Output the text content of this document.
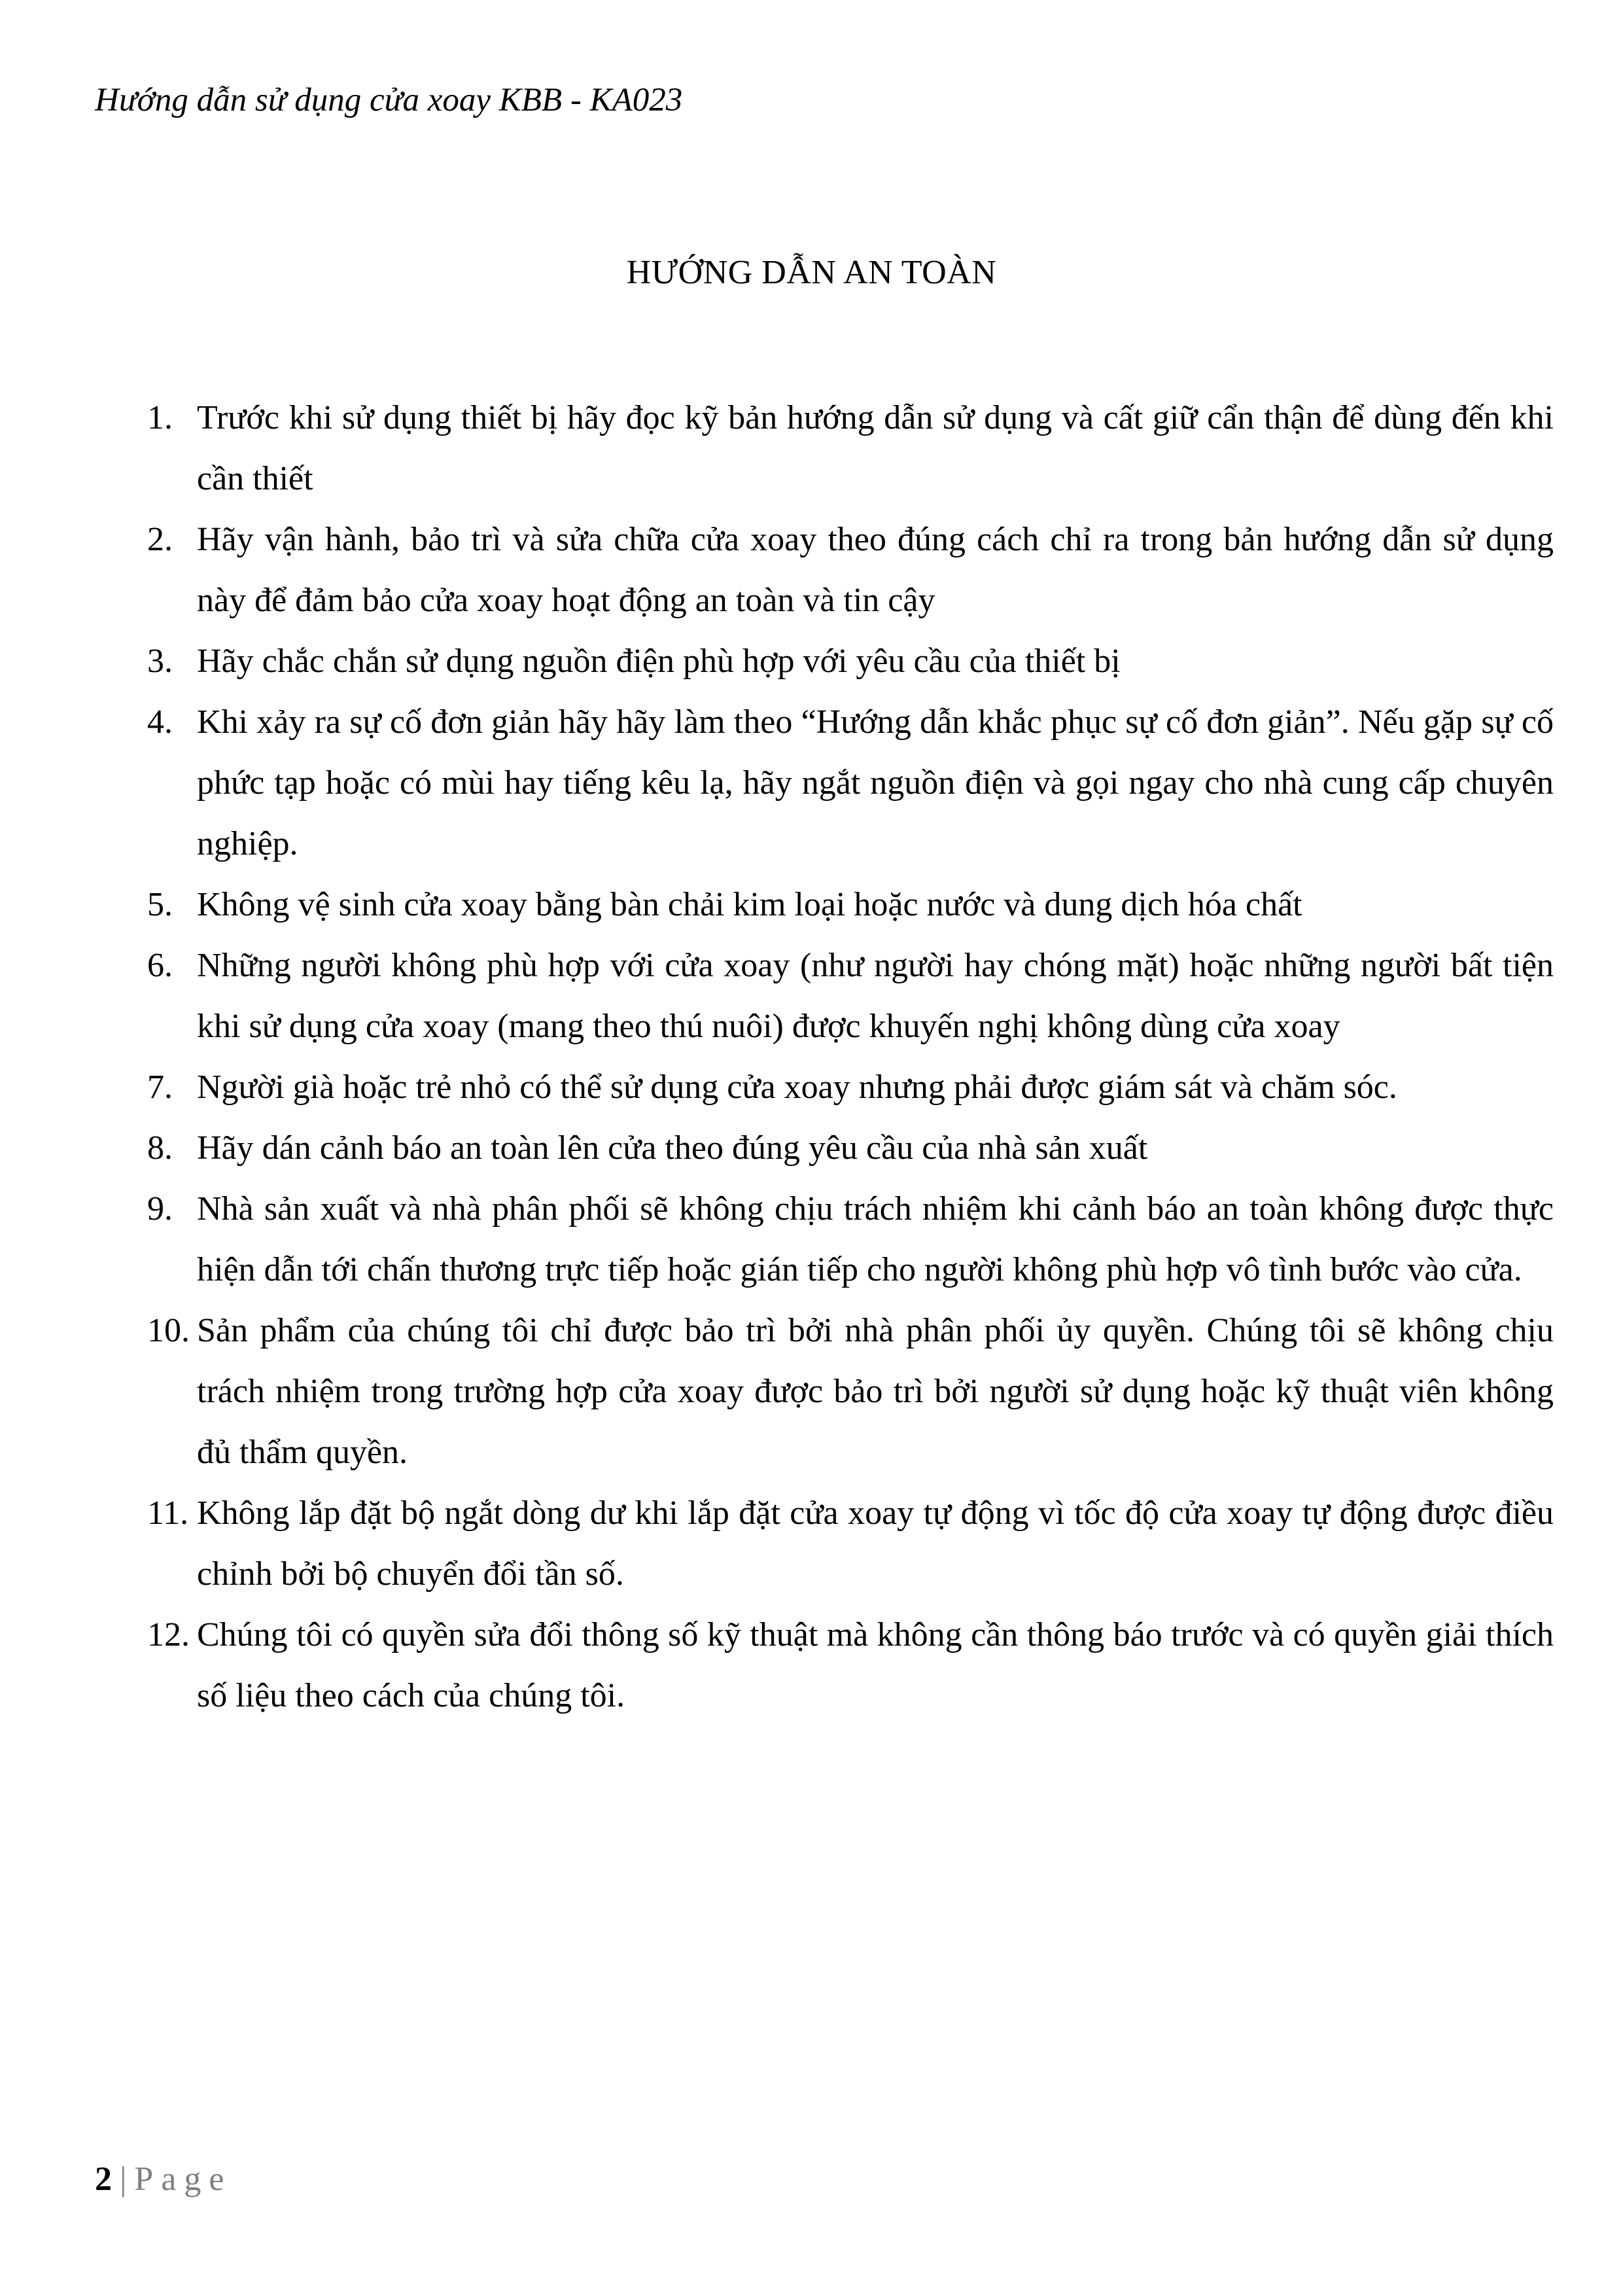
Hướng dẫn sử dụng cửa xoay KBB - KA023
HƯỚNG DẪN AN TOÀN
1. Trước khi sử dụng thiết bị hãy đọc kỹ bản hướng dẫn sử dụng và cất giữ cẩn thận để dùng đến khi cần thiết
2. Hãy vận hành, bảo trì và sửa chữa cửa xoay theo đúng cách chỉ ra trong bản hướng dẫn sử dụng này để đảm bảo cửa xoay hoạt động an toàn và tin cậy
3. Hãy chắc chắn sử dụng nguồn điện phù hợp với yêu cầu của thiết bị
4. Khi xảy ra sự cố đơn giản hãy hãy làm theo “Hướng dẫn khắc phục sự cố đơn giản”. Nếu gặp sự cố phức tạp hoặc có mùi hay tiếng kêu lạ, hãy ngắt nguồn điện và gọi ngay cho nhà cung cấp chuyên nghiệp.
5. Không vệ sinh cửa xoay bằng bàn chải kim loại hoặc nước và dung dịch hóa chất
6. Những người không phù hợp với cửa xoay (như người hay chóng mặt) hoặc những người bất tiện khi sử dụng cửa xoay (mang theo thú nuôi) được khuyến nghị không dùng cửa xoay
7. Người già hoặc trẻ nhỏ có thể sử dụng cửa xoay nhưng phải được giám sát và chăm sóc.
8. Hãy dán cảnh báo an toàn lên cửa theo đúng yêu cầu của nhà sản xuất
9. Nhà sản xuất và nhà phân phối sẽ không chịu trách nhiệm khi cảnh báo an toàn không được thực hiện dẫn tới chấn thương trực tiếp hoặc gián tiếp cho người không phù hợp vô tình bước vào cửa.
10. Sản phẩm của chúng tôi chỉ được bảo trì bởi nhà phân phối ủy quyền. Chúng tôi sẽ không chịu trách nhiệm trong trường hợp cửa xoay được bảo trì bởi người sử dụng hoặc kỹ thuật viên không đủ thẩm quyền.
11. Không lắp đặt bộ ngắt dòng dư khi lắp đặt cửa xoay tự động vì tốc độ cửa xoay tự động được điều chỉnh bởi bộ chuyển đổi tần số.
12. Chúng tôi có quyền sửa đổi thông số kỹ thuật mà không cần thông báo trước và có quyền giải thích số liệu theo cách của chúng tôi.
2 | Page
